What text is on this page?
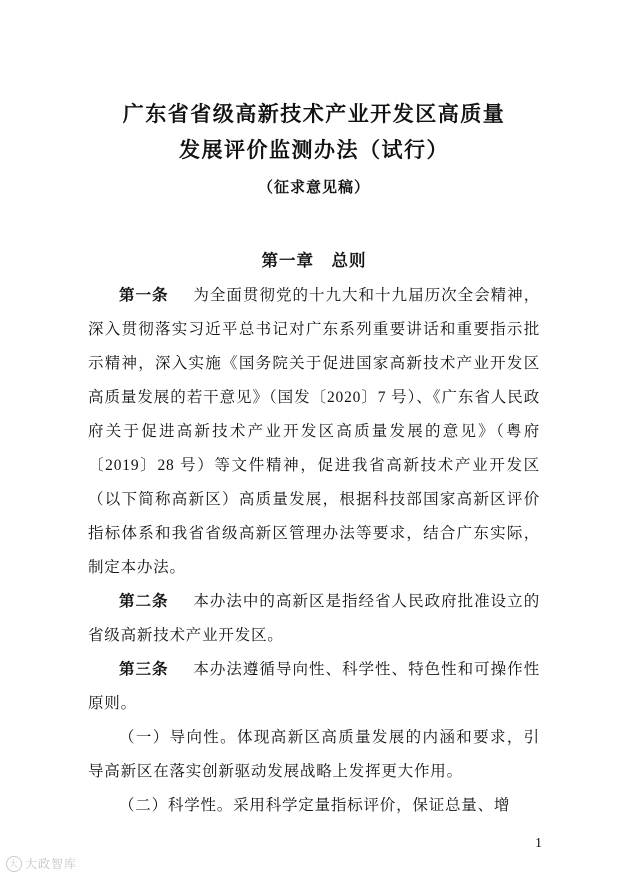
广东省省级高新技术产业开发区高质量
发展评价监测办法（试行）
（征求意见稿）
第一章　总则

第一条 为全面贯彻党的十九大和十九届历次全会精神，深入贯彻落实习近平总书记对广东系列重要讲话和重要指示批示精神，深入实施《国务院关于促进国家高新技术产业开发区高质量发展的若干意见》（国发〔2020〕7 号）、《广东省人民政府关于促进高新技术产业开发区高质量发展的意见》（粤府〔2019〕28 号）等文件精神，促进我省高新技术产业开发区（以下简称高新区）高质量发展，根据科技部国家高新区评价指标体系和我省省级高新区管理办法等要求，结合广东实际，制定本办法。

第二条 本办法中的高新区是指经省人民政府批准设立的省级高新技术产业开发区。

第三条 本办法遵循导向性、科学性、特色性和可操作性原则。

（一）导向性。体现高新区高质量发展的内涵和要求，引导高新区在落实创新驱动发展战略上发挥更大作用。

（二）科学性。采用科学定量指标评价，保证总量、增

1
大 大政智库
